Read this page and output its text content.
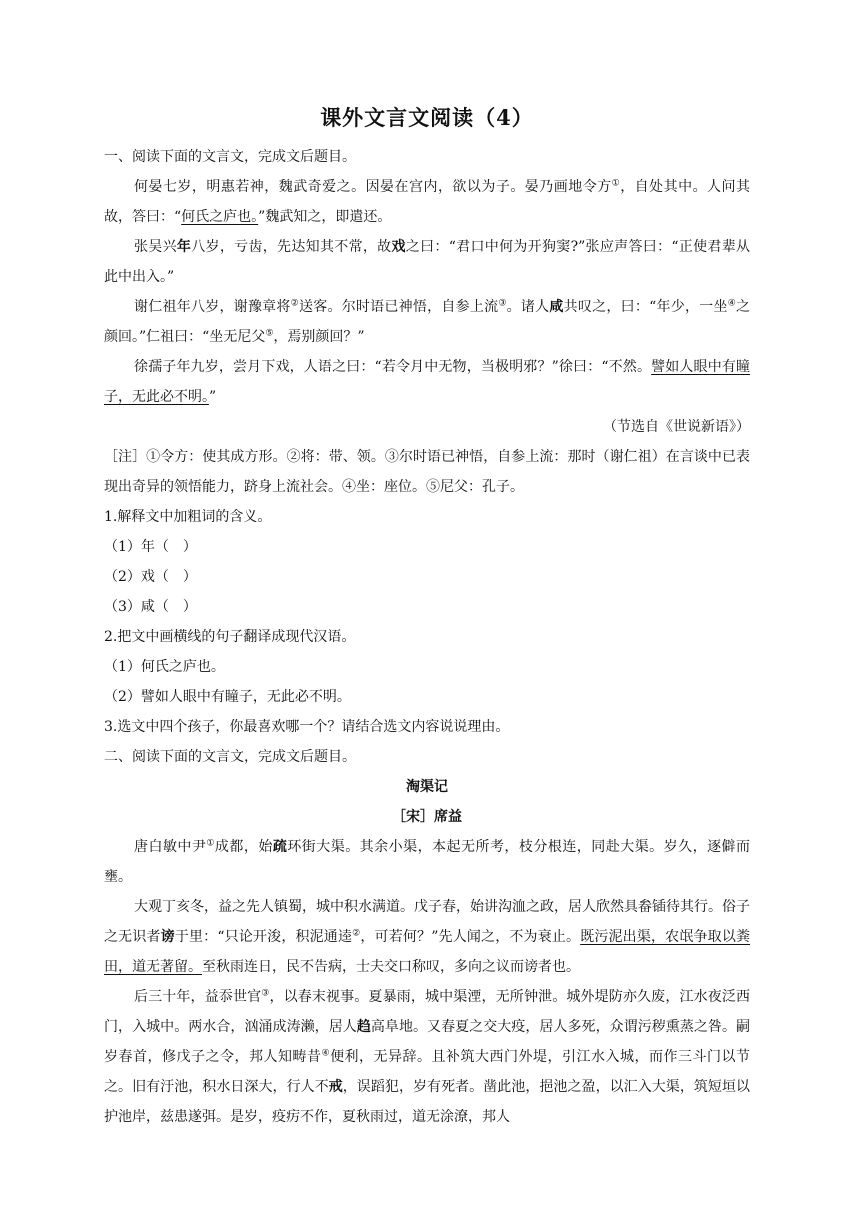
课外文言文阅读（4）

一、阅读下面的文言文，完成文后题目。

何晏七岁，明惠若神，魏武奇爱之。因晏在宫内，欲以为子。晏乃画地令方①，自处其中。人问其故，答曰：“何氏之庐也。”魏武知之，即遣还。

张吴兴年八岁，亏齿，先达知其不常，故戏之曰：“君口中何为开狗窦?”张应声答曰：“正使君辈从此中出入。”

谢仁祖年八岁，谢豫章将②送客。尔时语已神悟，自参上流③。诸人咸共叹之，曰：“年少，一坐④之颜回。”仁祖曰：“坐无尼父⑤，焉别颜回？”

徐孺子年九岁，尝月下戏，人语之曰：“若令月中无物，当极明邪？”徐曰：“不然。譬如人眼中有瞳子，无此必不明。”

（节选自《世说新语》）

［注］①令方：使其成方形。②将：带、领。③尔时语已神悟，自参上流：那时（谢仁祖）在言谈中已表现出奇异的领悟能力，跻身上流社会。④坐：座位。⑤尼父：孔子。

1.解释文中加粗词的含义。

（1）年（　）

（2）戏（　）

（3）咸（　）

2.把文中画横线的句子翻译成现代汉语。

（1）何氏之庐也。

（2）譬如人眼中有瞳子，无此必不明。

3.选文中四个孩子，你最喜欢哪一个？请结合选文内容说说理由。

二、阅读下面的文言文，完成文后题目。

淘渠记

［宋］席益

唐白敏中尹①成都，始疏环街大渠。其余小渠，本起无所考，枝分根连，同赴大渠。岁久，逐僻而壅。

大观丁亥冬，益之先人镇蜀，城中积水满道。戊子春，始讲沟洫之政，居人欣然具畚锸待其行。俗子之无识者谤于里：“只论开浚，积泥通逵②，可若何？”先人闻之，不为衰止。既污泥出渠，农氓争取以粪田，道无著留。至秋雨连日，民不告病，士夫交口称叹，多向之议而谤者也。

后三十年，益忝世官③，以春末视事。夏暴雨，城中渠湮，无所钟泄。城外堤防亦久废，江水夜泛西门，入城中。两水合，汹涌成涛濑，居人趋高阜地。又春夏之交大疫，居人多死，众谓污秽熏蒸之咎。嗣岁春首，修戊子之令，邦人知畴昔④便利，无异辞。且补筑大西门外堤，引江水入城，而作三斗门以节之。旧有汙池，积水日深大，行人不戒，误蹈犯，岁有死者。凿此池，挹池之盈，以汇入大渠，筑短垣以护池岸，兹患遂弭。是岁，疫疠不作，夏秋雨过，道无涂潦，邦人
